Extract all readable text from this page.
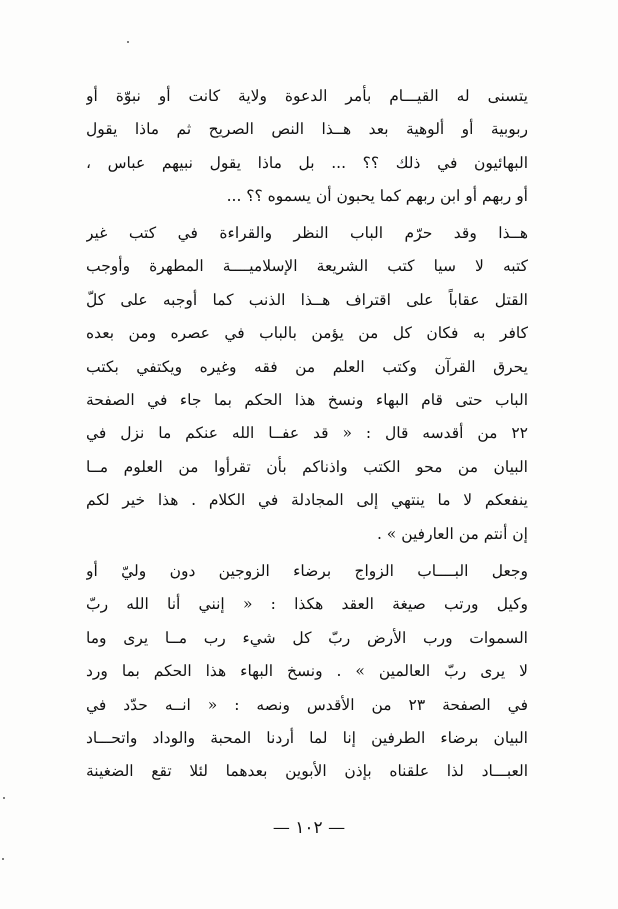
يتسنى له القيـــام بأمر الدعوة ولاية كانت أو نبوّة أو
ربوبية أو ألوهية بعد هــذا النص الصريح ثم ماذا يقول
البهائيون في ذلك ؟؟ ... بل ماذا يقول نبيهم عباس ،
أو ربهم أو ابن ربهم كما يحبون أن يسموه ؟؟ ...
هــذا وقد حرّم الباب النظر والقراءة في كتب غير
كتبه لا سيا كتب الشريعة الإسلاميــــة المطهرة وأوجب
القتل عقاباً على اقتراف هــذا الذنب كما أوجبه على كلّ
كافر به فكان كل من يؤمن بالباب في عصره ومن بعده
يحرق القرآن وكتب العلم من فقه وغيره ويكتفي بكتب
الباب حتى قام البهاء ونسخ هذا الحكم بما جاء في الصفحة
٢٢ من أقدسه قال : « قد عفــا الله عنكم ما نزل في
البيان من محو الكتب واذناكم بأن تقرأوا من العلوم مــا
ينفعكم لا ما ينتهي إلى المجادلة في الكلام . هذا خير لكم
إن أنتم من العارفين » .
وجعل البــــاب الزواج برضاء الزوجين دون وليّ أو
وكيل ورتب صيغة العقد هكذا : « إنني أنا الله ربّ
السموات ورب الأرض ربّ كل شيء رب مــا يرى وما
لا يرى ربّ العالمين » . ونسخ البهاء هذا الحكم بما ورد
في الصفحة ٢٣ من الأقدس ونصه : « انــه حدّد في
البيان برضاء الطرفين إنا لما أردنا المحبة والوداد واتحـــاد
العبـــاد لذا علقناه بإذن الأبوين بعدهما لئلا تقع الضغينة
— ١٠٢ —
